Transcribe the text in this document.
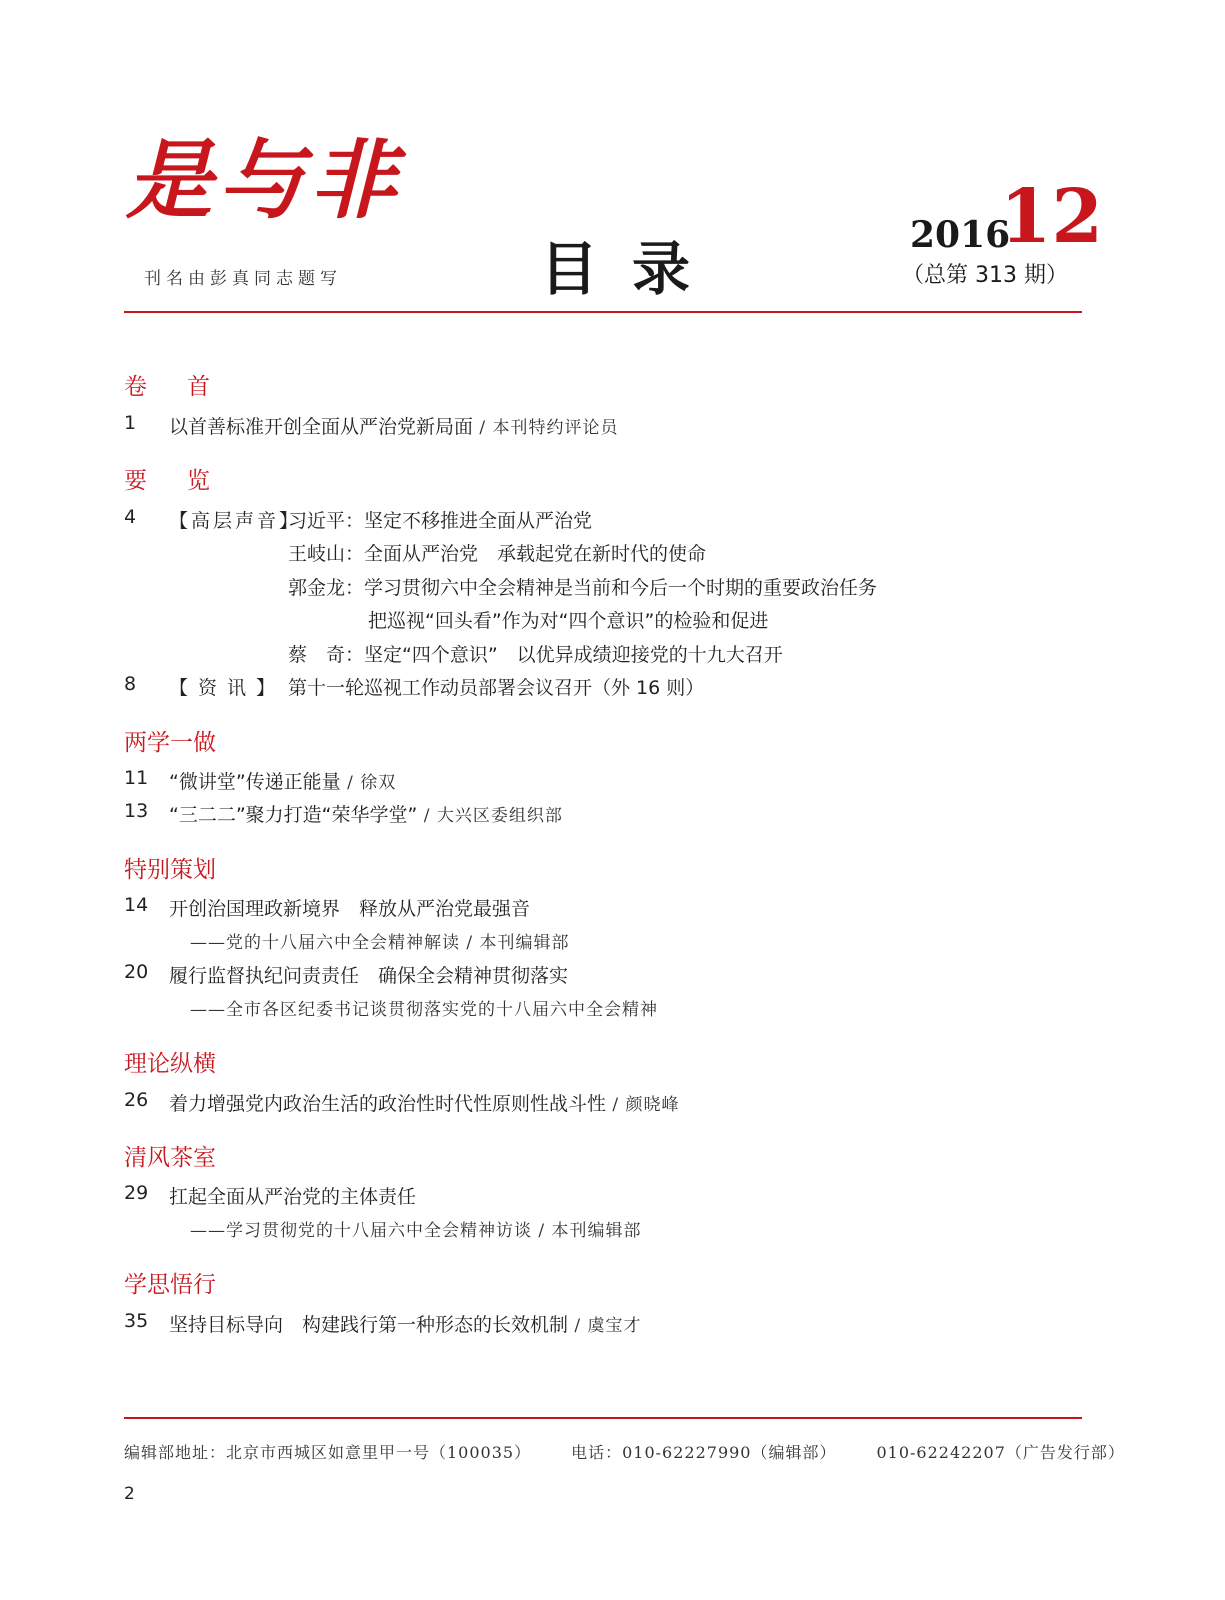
是与非
刊名由彭真同志题写	目录	2016
12
（总第 313 期）
卷首
1 以首善标准开创全面从严治党新局面 / 本刊特约评论员
要览
4 【高层声音】
习近平：坚定不移推进全面从严治党
王岐山：全面从严治党　承载起党在新时代的使命
郭金龙：学习贯彻六中全会精神是当前和今后一个时期的重要政治任务
把巡视“回头看”作为对“四个意识”的检验和促进
蔡　奇：坚定“四个意识”　以优异成绩迎接党的十九大召开
8 【资讯】 第十一轮巡视工作动员部署会议召开（外 16 则）
两学一做
11 “微讲堂”传递正能量 / 徐双
13 “三二二”聚力打造“荣华学堂” / 大兴区委组织部
特别策划
14 开创治国理政新境界　释放从严治党最强音
——党的十八届六中全会精神解读 / 本刊编辑部
20 履行监督执纪问责责任　确保全会精神贯彻落实
——全市各区纪委书记谈贯彻落实党的十八届六中全会精神
理论纵横
26 着力增强党内政治生活的政治性时代性原则性战斗性 / 颜晓峰
清风茶室
29 扛起全面从严治党的主体责任
——学习贯彻党的十八届六中全会精神访谈 / 本刊编辑部
学思悟行
35 坚持目标导向　构建践行第一种形态的长效机制 / 虞宝才
编辑部地址：北京市西城区如意里甲一号（100035）	电话：010-62227990（编辑部）	010-62242207（广告发行部）
2
